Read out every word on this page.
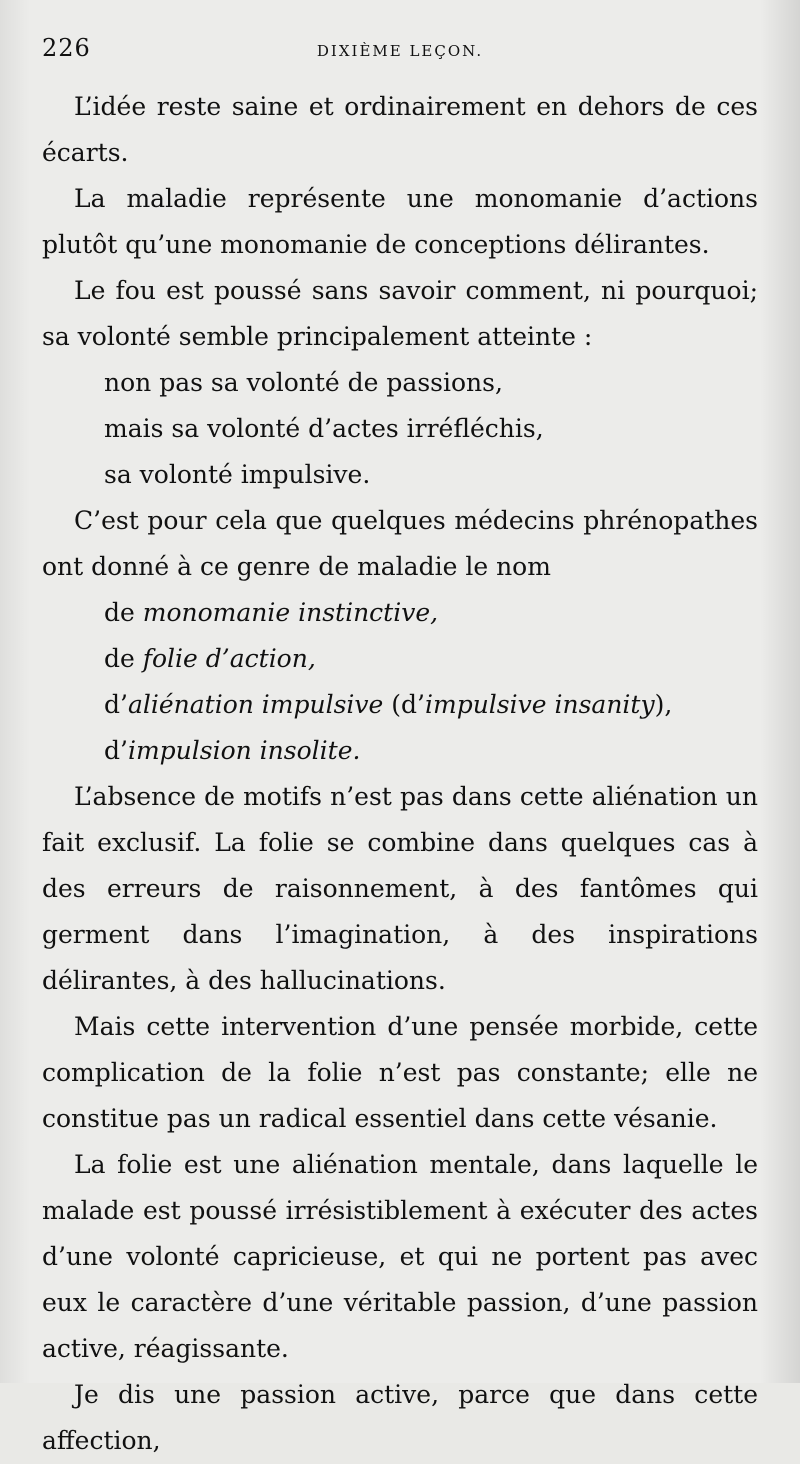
226	DIXIÈME LEÇON.

L’idée reste saine et ordinairement en dehors de ces écarts.

La maladie représente une monomanie d’actions plutôt qu’une monomanie de conceptions délirantes.

Le fou est poussé sans savoir comment, ni pourquoi; sa volonté semble principalement atteinte :

non pas sa volonté de passions,

mais sa volonté d’actes irréfléchis,

sa volonté impulsive.

C’est pour cela que quelques médecins phrénopathes ont donné à ce genre de maladie le nom

de monomanie instinctive,

de folie d’action,

d’aliénation impulsive (d’impulsive insanity),

d’impulsion insolite.

L’absence de motifs n’est pas dans cette aliénation un fait exclusif. La folie se combine dans quelques cas à des erreurs de raisonnement, à des fantômes qui germent dans l’imagination, à des inspirations délirantes, à des hallucinations.

Mais cette intervention d’une pensée morbide, cette complication de la folie n’est pas constante; elle ne constitue pas un radical essentiel dans cette vésanie.

La folie est une aliénation mentale, dans laquelle le malade est poussé irrésistiblement à exécuter des actes d’une volonté capricieuse, et qui ne portent pas avec eux le caractère d’une véritable passion, d’une passion active, réagissante.

Je dis une passion active, parce que dans cette affection,
